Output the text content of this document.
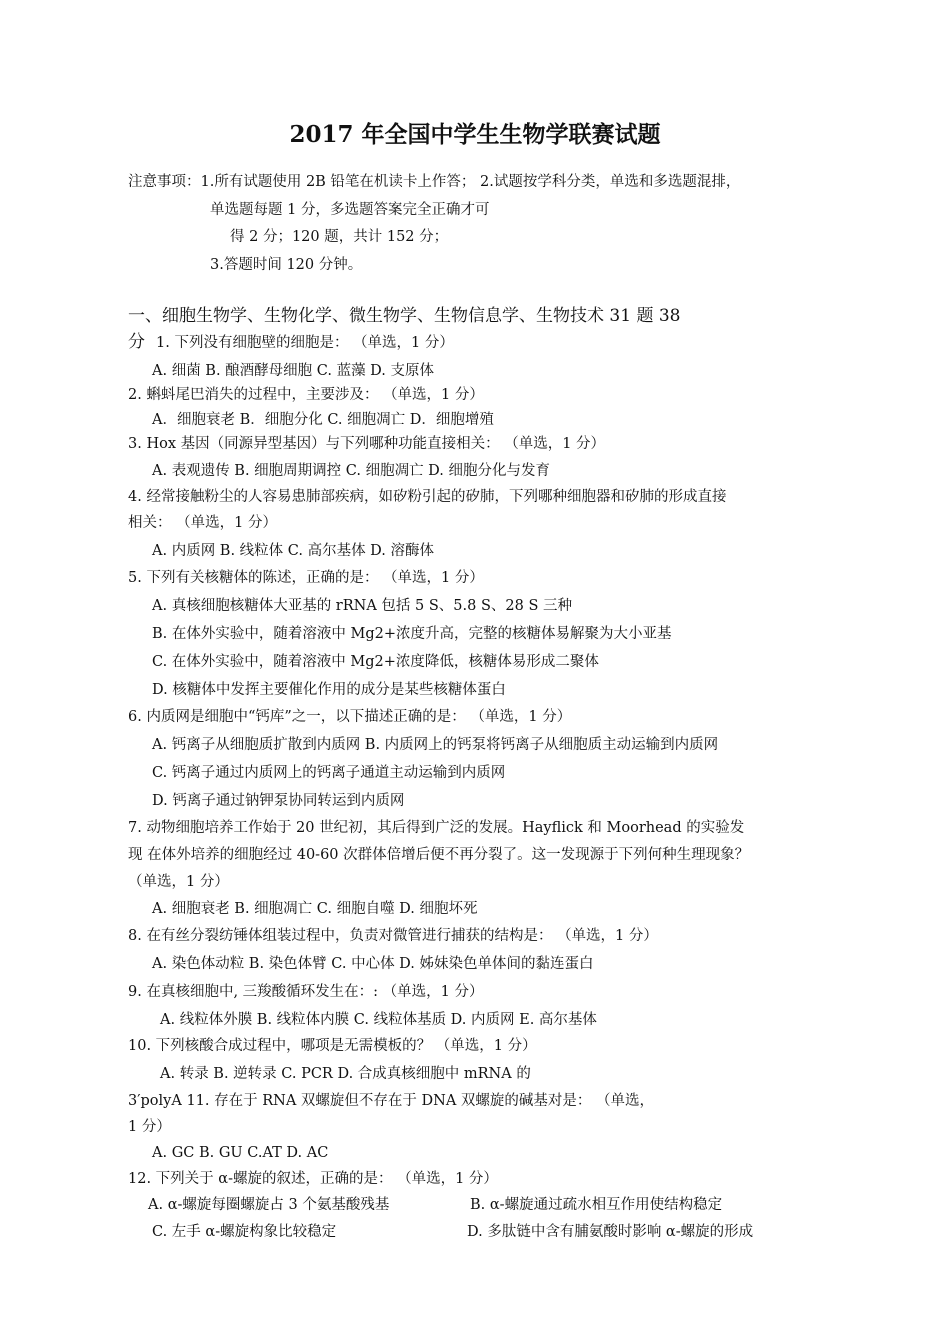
2017 年全国中学生生物学联赛试题
注意事项：1.所有试题使用 2B 铅笔在机读卡上作答； 2.试题按学科分类，单选和多选题混排，
单选题每题 1 分，多选题答案完全正确才可
得 2 分；120 题，共计 152 分；
3.答题时间 120 分钟。
一、细胞生物学、生物化学、微生物学、生物信息学、生物技术 31 题 38
分 1. 下列没有细胞壁的细胞是： （单选，1 分）
A. 细菌 B. 酿酒酵母细胞 C. 蓝藻 D. 支原体
2. 蝌蚪尾巴消失的过程中，主要涉及： （单选，1 分）
A．细胞衰老 B．细胞分化 C. 细胞凋亡 D．细胞增殖
3. Hox 基因（同源异型基因）与下列哪种功能直接相关： （单选，1 分）
A. 表观遗传 B. 细胞周期调控 C. 细胞凋亡 D. 细胞分化与发育
4. 经常接触粉尘的人容易患肺部疾病，如矽粉引起的矽肺，下列哪种细胞器和矽肺的形成直接
相关： （单选，1 分）
A. 内质网 B. 线粒体 C. 高尔基体 D. 溶酶体
5. 下列有关核糖体的陈述，正确的是： （单选，1 分）
A. 真核细胞核糖体大亚基的 rRNA 包括 5 S、5.8 S、28 S 三种
B. 在体外实验中，随着溶液中 Mg2+浓度升高，完整的核糖体易解聚为大小亚基
C. 在体外实验中，随着溶液中 Mg2+浓度降低，核糖体易形成二聚体
D. 核糖体中发挥主要催化作用的成分是某些核糖体蛋白
6. 内质网是细胞中“钙库”之一，以下描述正确的是： （单选，1 分）
A. 钙离子从细胞质扩散到内质网 B. 内质网上的钙泵将钙离子从细胞质主动运输到内质网
C. 钙离子通过内质网上的钙离子通道主动运输到内质网
D. 钙离子通过钠钾泵协同转运到内质网
7. 动物细胞培养工作始于 20 世纪初，其后得到广泛的发展。Hayflick 和 Moorhead 的实验发
现 在体外培养的细胞经过 40-60 次群体倍增后便不再分裂了。这一发现源于下列何种生理现象？
（单选，1 分）
A. 细胞衰老 B. 细胞凋亡 C. 细胞自噬 D. 细胞坏死
8. 在有丝分裂纺锤体组装过程中，负责对微管进行捕获的结构是： （单选，1 分）
A. 染色体动粒 B. 染色体臂 C. 中心体 D. 姊妹染色单体间的黏连蛋白
9. 在真核细胞中, 三羧酸循环发生在：: （单选，1 分）
A. 线粒体外膜 B. 线粒体内膜 C. 线粒体基质 D. 内质网 E. 高尔基体
10. 下列核酸合成过程中，哪项是无需模板的？ （单选，1 分）
A. 转录 B. 逆转录 C. PCR D. 合成真核细胞中 mRNA 的
3′polyA 11. 存在于 RNA 双螺旋但不存在于 DNA 双螺旋的碱基对是： （单选，
1 分）
A. GC B. GU C.AT D. AC
12. 下列关于 α-螺旋的叙述，正确的是： （单选，1 分）
A. α-螺旋每圈螺旋占 3 个氨基酸残基	B. α-螺旋通过疏水相互作用使结构稳定
C. 左手 α-螺旋构象比较稳定	D. 多肽链中含有脯氨酸时影响 α-螺旋的形成
